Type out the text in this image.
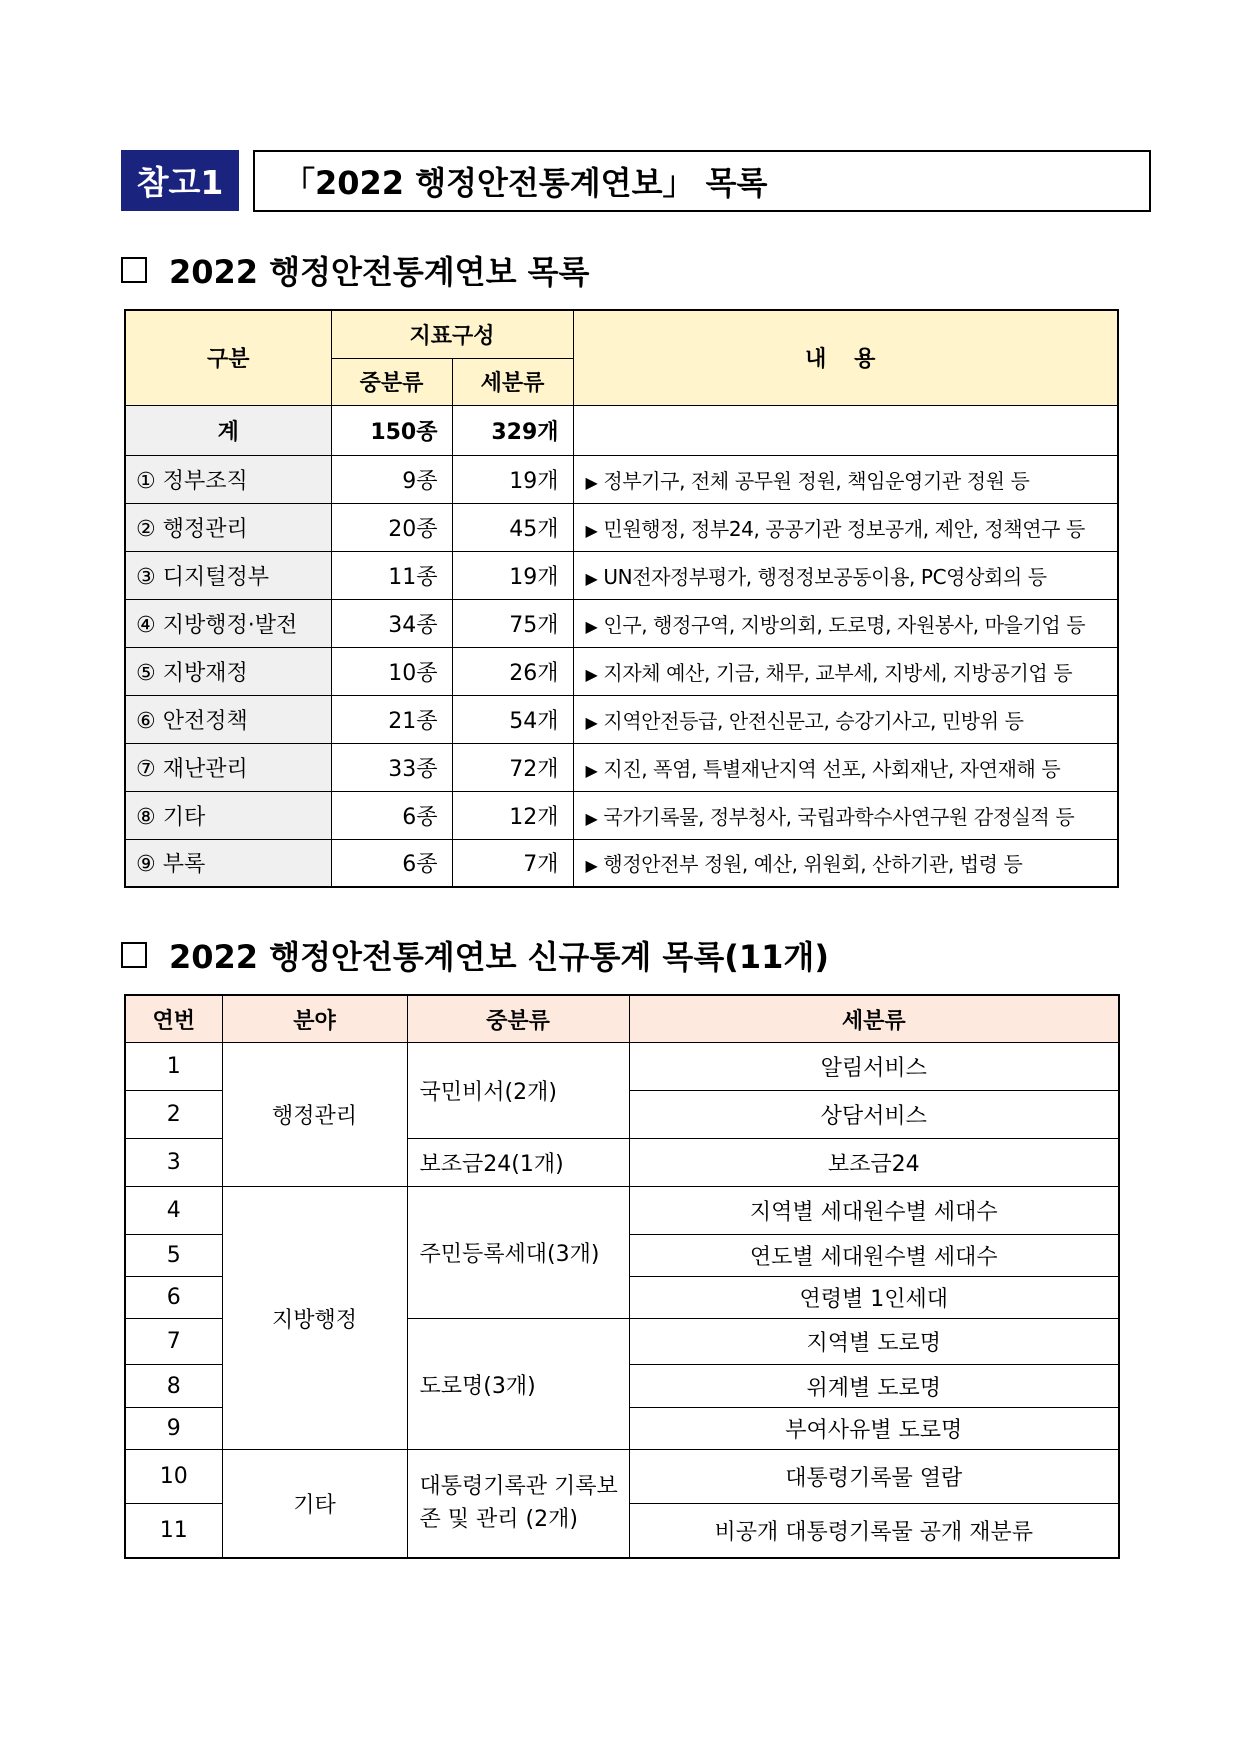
참고1	「2022 행정안전통계연보」 목록
2022 행정안전통계연보 목록
구분	지표구성		내 용
	중분류	세분류	
계	150종	329개	
① 정부조직	9종	19개	▶ 정부기구, 전체 공무원 정원, 책임운영기관 정원 등
② 행정관리	20종	45개	▶ 민원행정, 정부24, 공공기관 정보공개, 제안, 정책연구 등
③ 디지털정부	11종	19개	▶ UN전자정부평가, 행정정보공동이용, PC영상회의 등
④ 지방행정·발전	34종	75개	▶ 인구, 행정구역, 지방의회, 도로명, 자원봉사, 마을기업 등
⑤ 지방재정	10종	26개	▶ 지자체 예산, 기금, 채무, 교부세, 지방세, 지방공기업 등
⑥ 안전정책	21종	54개	▶ 지역안전등급, 안전신문고, 승강기사고, 민방위 등
⑦ 재난관리	33종	72개	▶ 지진, 폭염, 특별재난지역 선포, 사회재난, 자연재해 등
⑧ 기타	6종	12개	▶ 국가기록물, 정부청사, 국립과학수사연구원 감정실적 등
⑨ 부록	6종	7개	▶ 행정안전부 정원, 예산, 위원회, 산하기관, 법령 등
2022 행정안전통계연보 신규통계 목록(11개)
연번	분야	중분류	세분류
1	행정관리	국민비서(2개)	알림서비스
2			상담서비스
3		보조금24(1개)	보조금24
4	지방행정	주민등록세대(3개)	지역별 세대원수별 세대수
5			연도별 세대원수별 세대수
6			연령별 1인세대
7		도로명(3개)	지역별 도로명
8			위계별 도로명
9			부여사유별 도로명
10	기타	대통령기록관 기록보존 및 관리 (2개)	대통령기록물 열람
11			비공개 대통령기록물 공개 재분류
